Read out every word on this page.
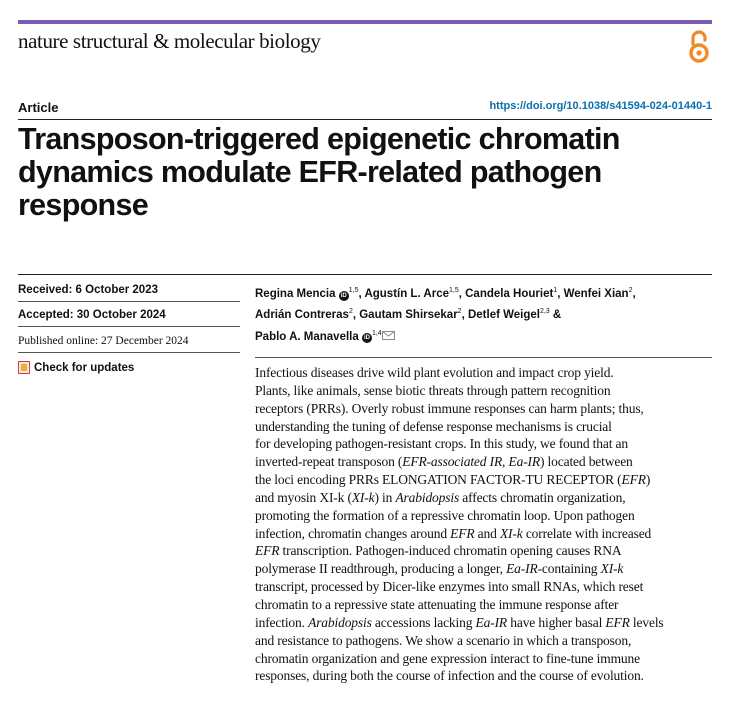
nature structural & molecular biology
Article	https://doi.org/10.1038/s41594-024-01440-1
Transposon-triggered epigenetic chromatin dynamics modulate EFR-related pathogen response
Received: 6 October 2023
Accepted: 30 October 2024
Published online: 27 December 2024
Check for updates
Regina Mencia iD$^{1,5}$, Agustín L. Arce$^{1,5}$, Candela Houriet$^1$, Wenfei Xian$^2$,
Adrián Contreras$^2$, Gautam Shirsekar$^2$, Detlef Weigel$^{2,3}$ &
Pablo A. Manavella iD$^{1,4}$

Infectious diseases drive wild plant evolution and impact crop yield.
Plants, like animals, sense biotic threats through pattern recognition
receptors (PRRs). Overly robust immune responses can harm plants; thus,
understanding the tuning of defense response mechanisms is crucial
for developing pathogen-resistant crops. In this study, we found that an
inverted-repeat transposon (EFR-associated IR, Ea-IR) located between
the loci encoding PRRs ELONGATION FACTOR-TU RECEPTOR (EFR)
and myosin XI-k (XI-k) in Arabidopsis affects chromatin organization,
promoting the formation of a repressive chromatin loop. Upon pathogen
infection, chromatin changes around EFR and XI-k correlate with increased
EFR transcription. Pathogen-induced chromatin opening causes RNA
polymerase II readthrough, producing a longer, Ea-IR-containing XI-k
transcript, processed by Dicer-like enzymes into small RNAs, which reset
chromatin to a repressive state attenuating the immune response after
infection. Arabidopsis accessions lacking Ea-IR have higher basal EFR levels
and resistance to pathogens. We show a scenario in which a transposon,
chromatin organization and gene expression interact to fine-tune immune
responses, during both the course of infection and the course of evolution.
